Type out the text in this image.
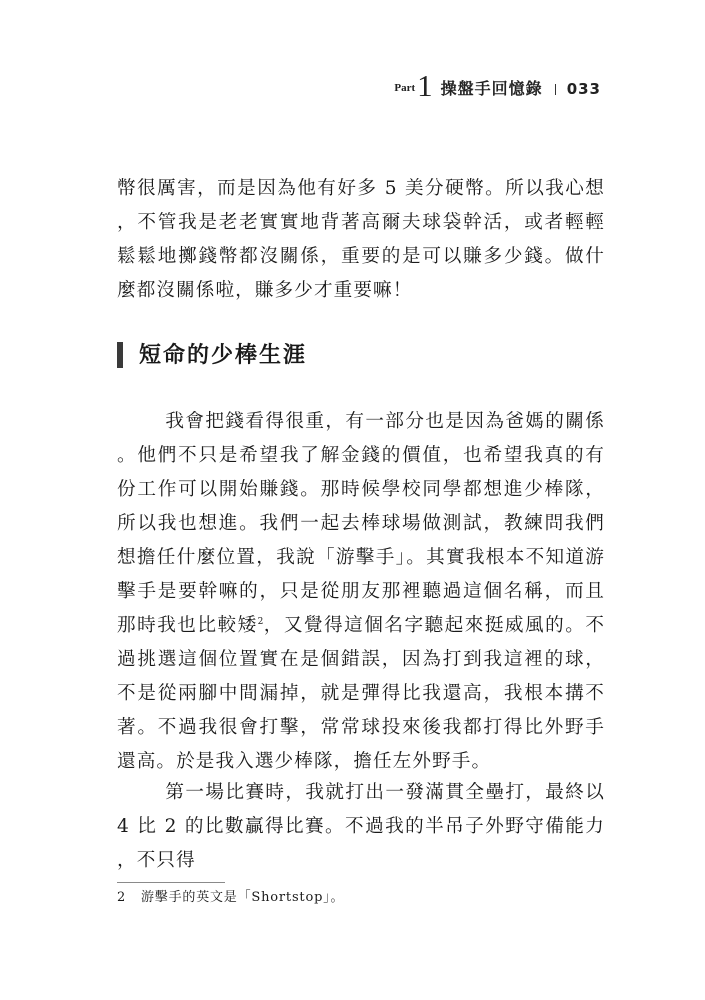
Part 1 操盤手回憶錄 033

幣很厲害，而是因為他有好多 5 美分硬幣。所以我心想，不管我是老老實實地背著高爾夫球袋幹活，或者輕輕鬆鬆地擲錢幣都沒關係，重要的是可以賺多少錢。做什麼都沒關係啦，賺多少才重要嘛！

短命的少棒生涯

我會把錢看得很重，有一部分也是因為爸媽的關係。他們不只是希望我了解金錢的價值，也希望我真的有份工作可以開始賺錢。那時候學校同學都想進少棒隊，所以我也想進。我們一起去棒球場做測試，教練問我們想擔任什麼位置，我說「游擊手」。其實我根本不知道游擊手是要幹嘛的，只是從朋友那裡聽過這個名稱，而且那時我也比較矮$^2$，又覺得這個名字聽起來挺威風的。不過挑選這個位置實在是個錯誤，因為打到我這裡的球，不是從兩腳中間漏掉，就是彈得比我還高，我根本搆不著。不過我很會打擊，常常球投來後我都打得比外野手還高。於是我入選少棒隊，擔任左外野手。

第一場比賽時，我就打出一發滿貫全壘打，最終以 4 比 2 的比數贏得比賽。不過我的半吊子外野守備能力，不只得

2 游擊手的英文是「Shortstop」。
